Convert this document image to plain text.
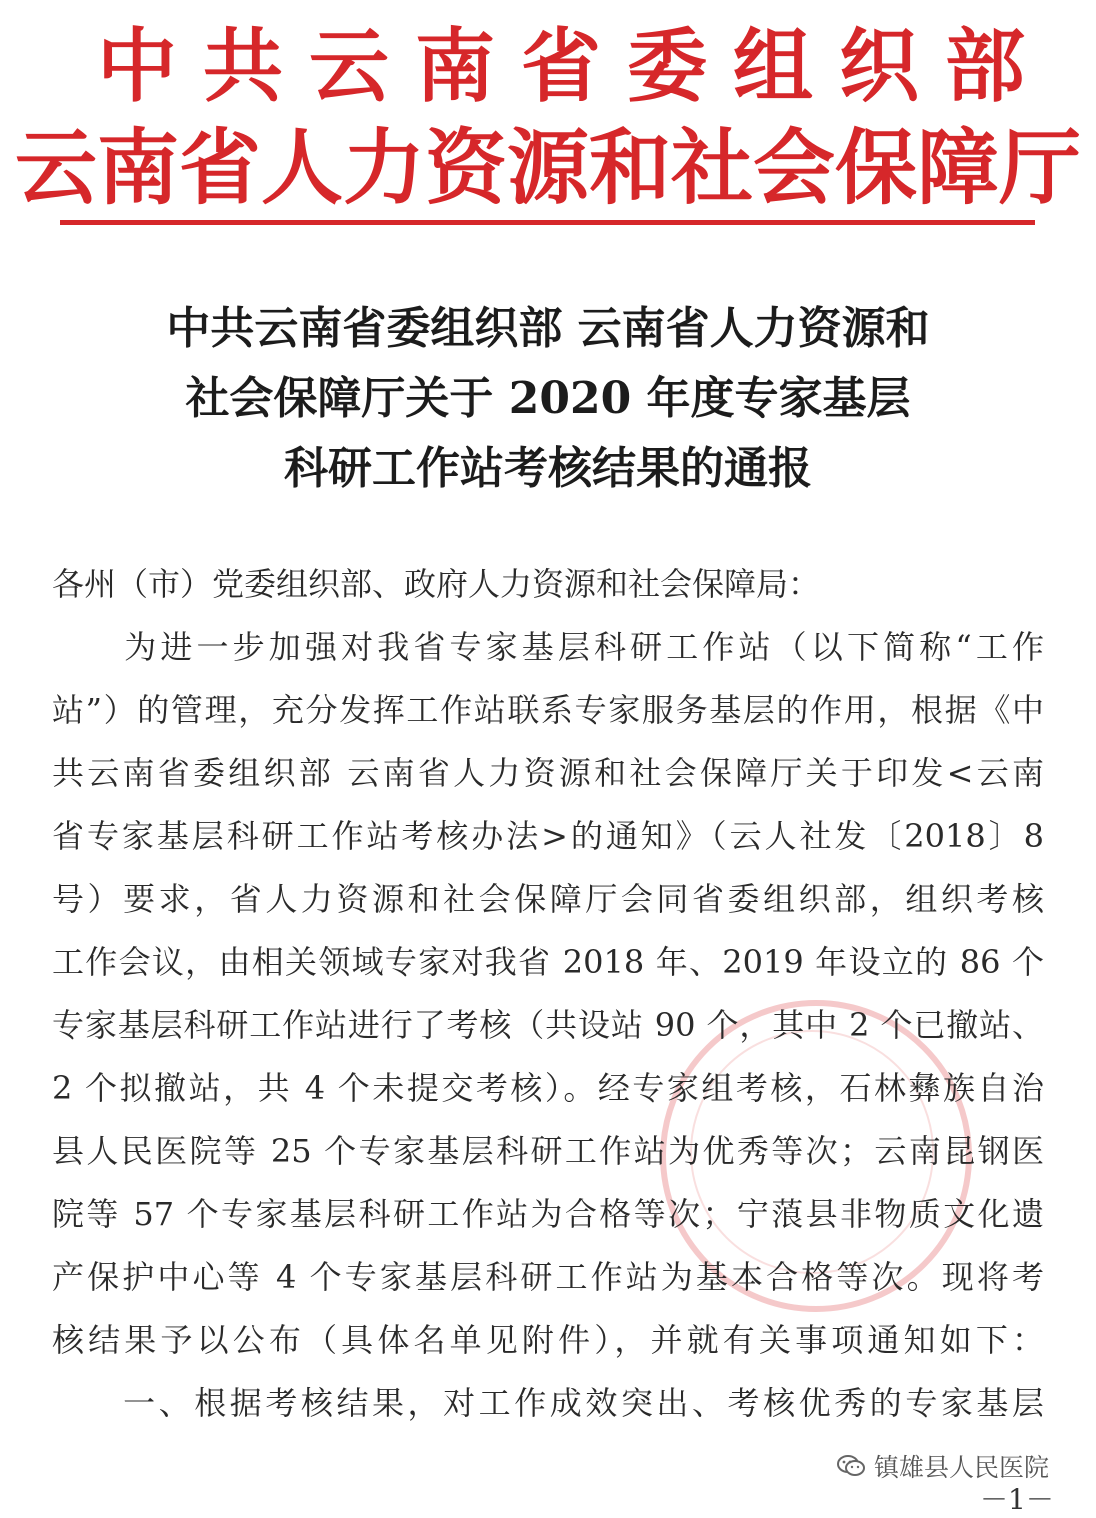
中共云南省委组织部
云南省人力资源和社会保障厅
中共云南省委组织部 云南省人力资源和
社会保障厅关于 2020 年度专家基层
科研工作站考核结果的通报
各州（市）党委组织部、政府人力资源和社会保障局：
　　为进一步加强对我省专家基层科研工作站（以下简称“工作
站”）的管理，充分发挥工作站联系专家服务基层的作用，根据《中
共云南省委组织部 云南省人力资源和社会保障厅关于印发<云南
省专家基层科研工作站考核办法>的通知》（云人社发〔2018〕8
号）要求，省人力资源和社会保障厅会同省委组织部，组织考核
工作会议，由相关领域专家对我省 2018 年、2019 年设立的 86 个
专家基层科研工作站进行了考核（共设站 90 个，其中 2 个已撤站、
2 个拟撤站，共 4 个未提交考核）。经专家组考核，石林彝族自治
县人民医院等 25 个专家基层科研工作站为优秀等次；云南昆钢医
院等 57 个专家基层科研工作站为合格等次；宁蒗县非物质文化遗
产保护中心等 4 个专家基层科研工作站为基本合格等次。现将考
核结果予以公布（具体名单见附件），并就有关事项通知如下：
　　一、根据考核结果，对工作成效突出、考核优秀的专家基层
镇雄县人民医院
－1－
